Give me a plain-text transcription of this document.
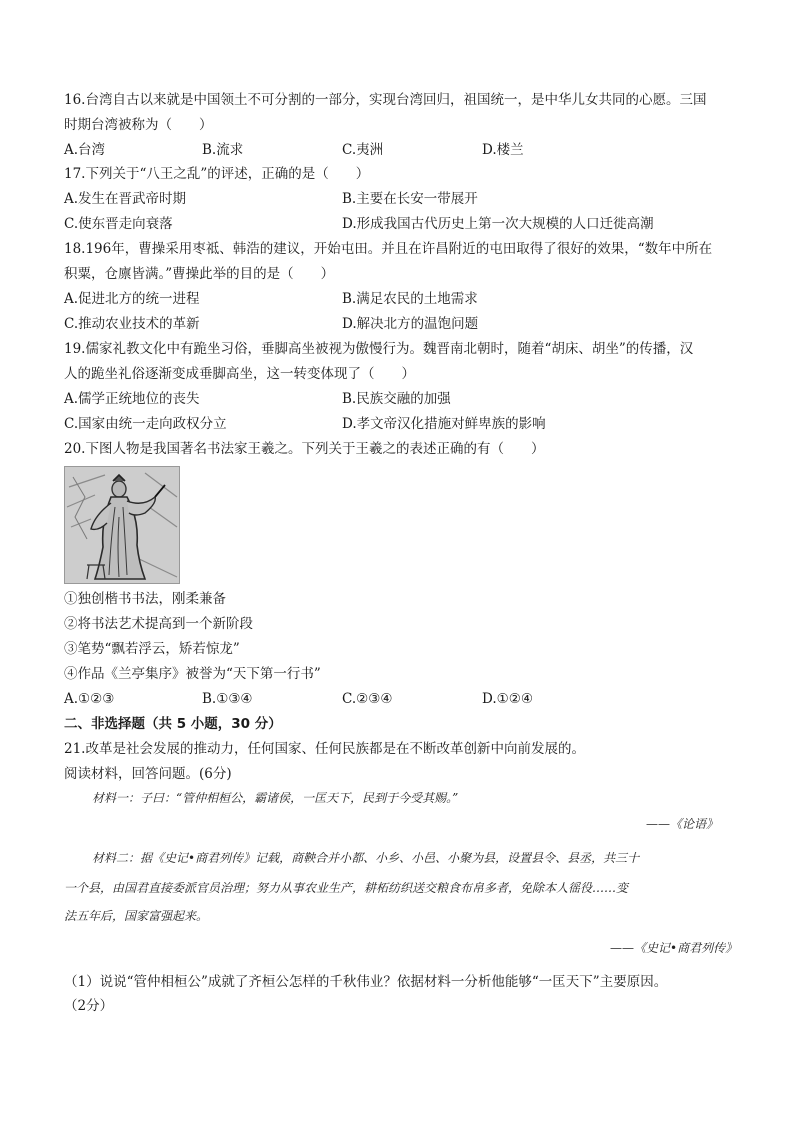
16.台湾自古以来就是中国领土不可分割的一部分，实现台湾回归，祖国统一，是中华儿女共同的心愿。三国
时期台湾被称为（　　）
A.台湾	B.流求	C.夷洲	D.楼兰
17.下列关于“八王之乱”的评述，正确的是（　　）
A.发生在晋武帝时期	B.主要在长安一带展开
C.使东晋走向衰落	D.形成我国古代历史上第一次大规模的人口迁徙高潮
18.196年，曹操采用枣祗、韩浩的建议，开始屯田。并且在许昌附近的屯田取得了很好的效果，“数年中所在
积粟，仓廪皆满。”曹操此举的目的是（　　）
A.促进北方的统一进程	B.满足农民的土地需求
C.推动农业技术的革新	D.解决北方的温饱问题
19.儒家礼教文化中有跪坐习俗，垂脚高坐被视为傲慢行为。魏晋南北朝时，随着“胡床、胡坐”的传播，汉
人的跪坐礼俗逐渐变成垂脚高坐，这一转变体现了（　　）
A.儒学正统地位的丧失	B.民族交融的加强
C.国家由统一走向政权分立	D.孝文帝汉化措施对鲜卑族的影响
20.下图人物是我国著名书法家王羲之。下列关于王羲之的表述正确的有（　　）
①独创楷书书法，刚柔兼备
②将书法艺术提高到一个新阶段
③笔势“飘若浮云，矫若惊龙”
④作品《兰亭集序》被誉为“天下第一行书”
A.①②③	B.①③④	C.②③④	D.①②④
二、非选择题（共 5 小题，30 分）
21.改革是社会发展的推动力，任何国家、任何民族都是在不断改革创新中向前发展的。
阅读材料，回答问题。(6分)
材料一：子曰：“管仲相桓公，霸诸侯，一匡天下，民到于今受其赐。”
——《论语》
材料二：据《史记•商君列传》记载，商鞅合并小都、小乡、小邑、小聚为县，设置县令、县丞，共三十
一个县，由国君直接委派官员治理；努力从事农业生产，耕柘纺织送交粮食布帛多者，免除本人徭役……变
法五年后，国家富强起来。
——《史记•商君列传》
（1）说说“管仲相桓公”成就了齐桓公怎样的千秋伟业？依据材料一分析他能够“一匡天下”主要原因。
（2分）
